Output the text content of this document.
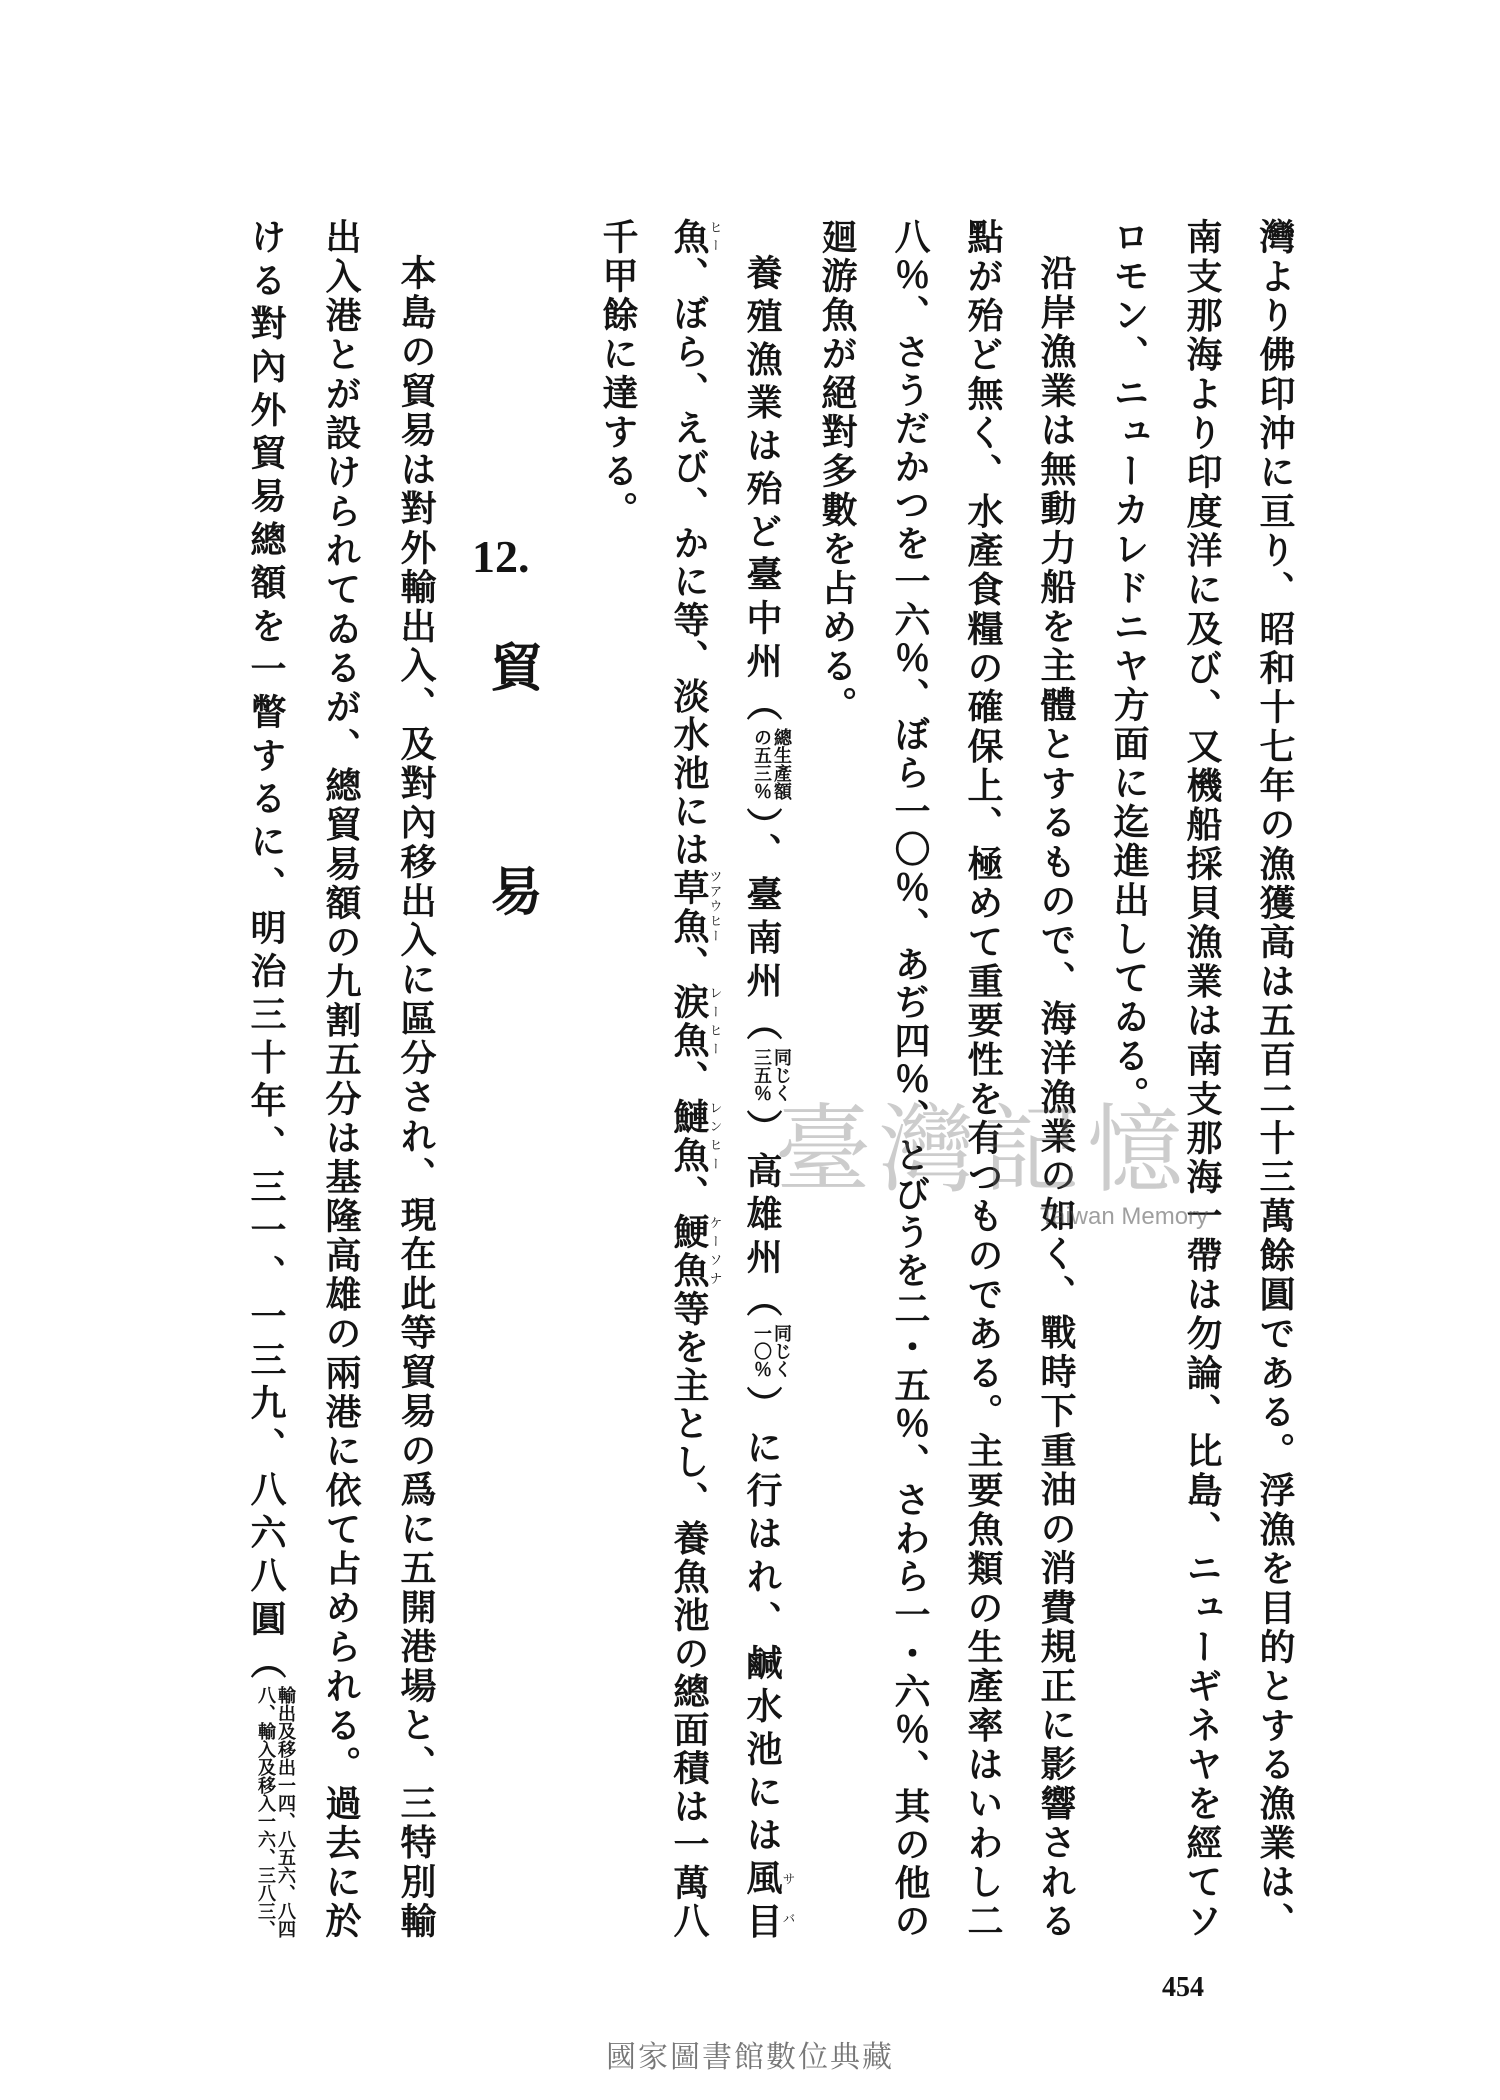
灣より佛印沖に亘り、昭和十七年の漁獲高は五百二十三萬餘圓である。浮漁を目的とする漁業は、
南支那海より印度洋に及び、又機船採貝漁業は南支那海一帶は勿論、比島、ニューギネヤを經てソ
ロモン、ニューカレドニヤ方面に迄進出してゐる。
沿岸漁業は無動力船を主體とするもので、海洋漁業の如く、戰時下重油の消費規正に影響される
點が殆ど無く、水產食糧の確保上、極めて重要性を有つものである。主要魚類の生產率はいわし二
八％、さうだかつを一六％、ぼら一〇％、あぢ四％、とびうを二・五％、さわら一・六％、其の他の
廻游魚が絕對多數を占める。
養殖漁業は殆ど臺中州（
總生產額
の五三％
）、臺南州（
同じく
三五％
）高雄州（
同じく
一〇％
）に行はれ、鹹水池には風目サバ
魚ヒー、ぼら、えび、かに等、淡水池には草魚ツアウヒー、涙魚レーヒー、鰱魚レンヒー、鯁魚ケーソナ等を主とし、養魚池の總面積は一萬八
千甲餘に達する。
12.
貿　易
本島の貿易は對外輸出入、及對內移出入に區分され、現在此等貿易の爲に五開港場と、三特別輸
出入港とが設けられてゐるが、總貿易額の九割五分は基隆高雄の兩港に依て占められる。過去に於
ける對內外貿易總額を一瞥するに、明治三十年、三一、一三九、八六八圓（
輸出及移出一四、八五六、八四
八、輸入及移入一六、三八三、
454
臺灣記憶
Taiwan Memory
國家圖書館數位典藏
